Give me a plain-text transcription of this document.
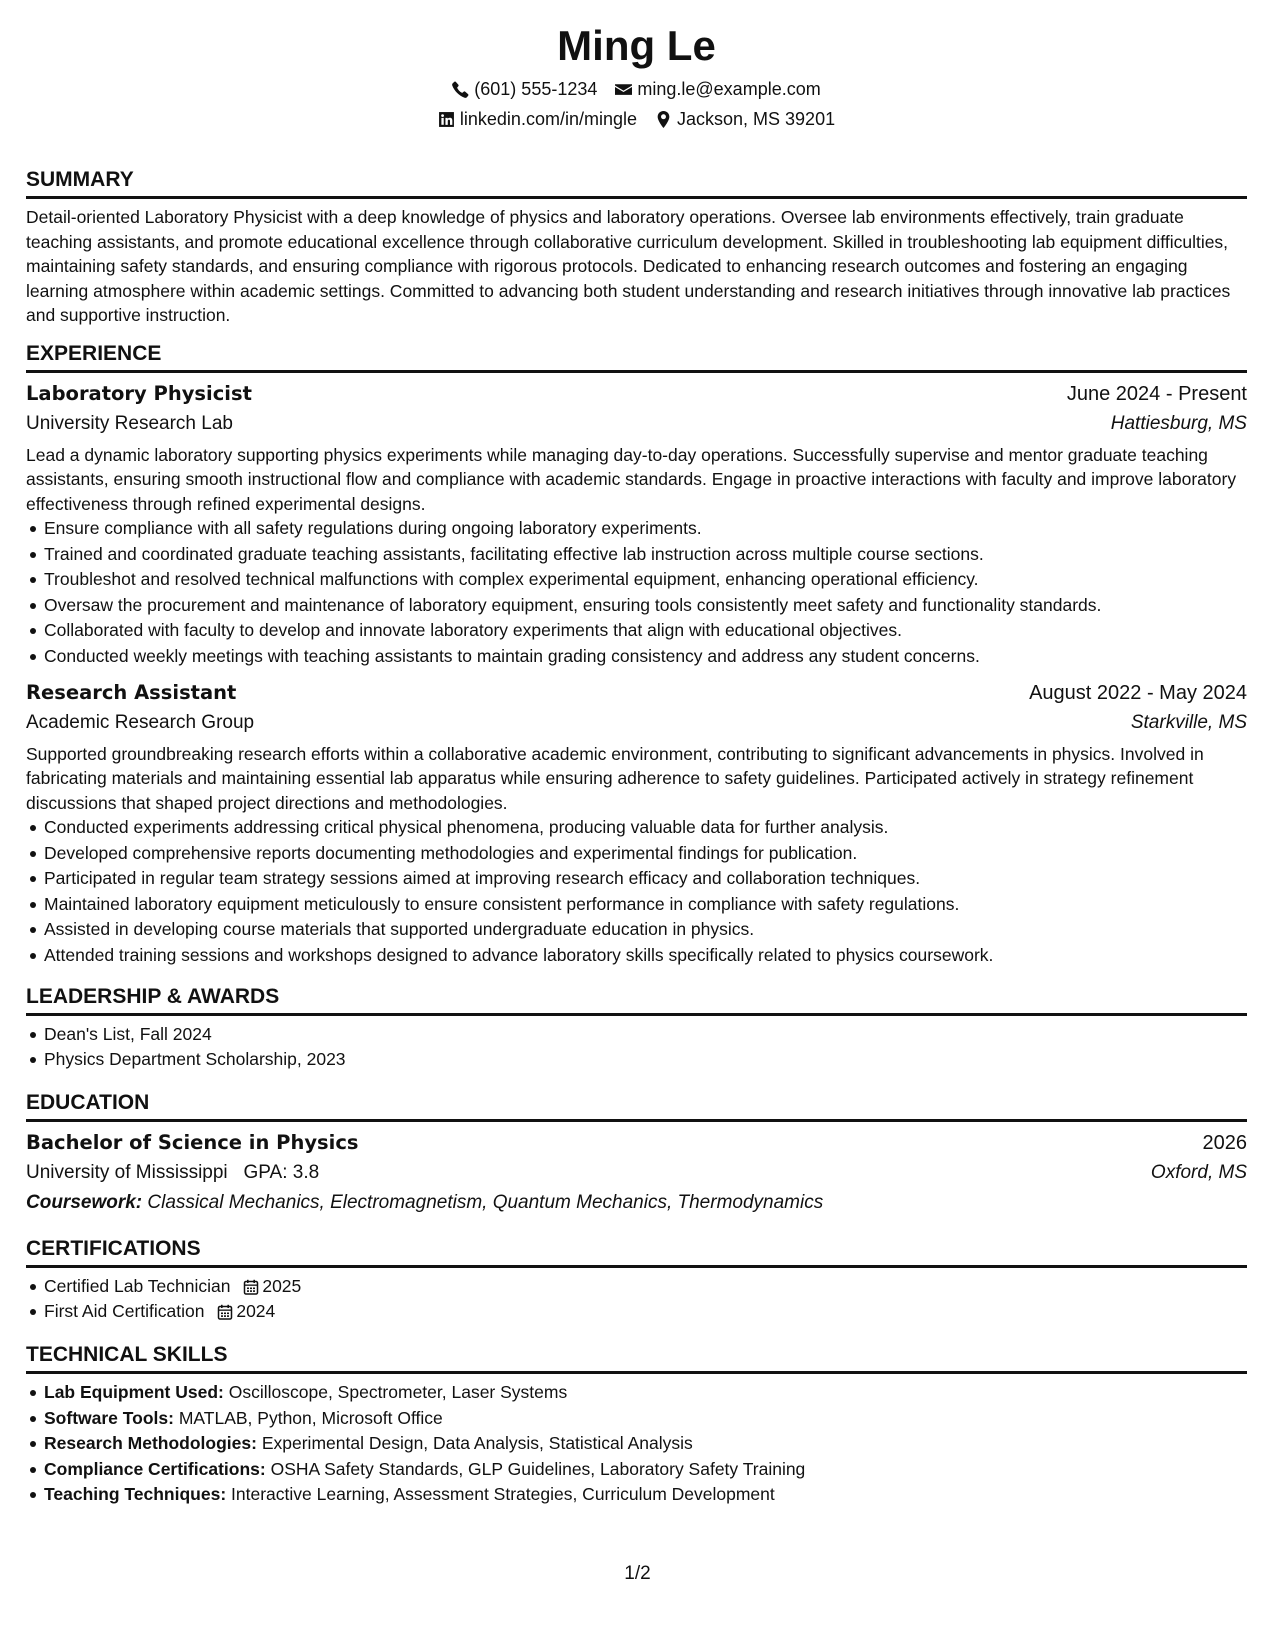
Ming Le
(601) 555-1234 ming.le@example.com
linkedin.com/in/mingle Jackson, MS 39201
SUMMARY

Detail-oriented Laboratory Physicist with a deep knowledge of physics and laboratory operations. Oversee lab environments effectively, train graduate teaching assistants, and promote educational excellence through collaborative curriculum development. Skilled in troubleshooting lab equipment difficulties, maintaining safety standards, and ensuring compliance with rigorous protocols. Dedicated to enhancing research outcomes and fostering an engaging learning atmosphere within academic settings. Committed to advancing both student understanding and research initiatives through innovative lab practices and supportive instruction.

EXPERIENCE
Laboratory Physicist	June 2024 - Present
University Research Lab	Hattiesburg, MS

Lead a dynamic laboratory supporting physics experiments while managing day-to-day operations. Successfully supervise and mentor graduate teaching assistants, ensuring smooth instructional flow and compliance with academic standards. Engage in proactive interactions with faculty and improve laboratory effectiveness through refined experimental designs.

Ensure compliance with all safety regulations during ongoing laboratory experiments.
Trained and coordinated graduate teaching assistants, facilitating effective lab instruction across multiple course sections.
Troubleshot and resolved technical malfunctions with complex experimental equipment, enhancing operational efficiency.
Oversaw the procurement and maintenance of laboratory equipment, ensuring tools consistently meet safety and functionality standards.
Collaborated with faculty to develop and innovate laboratory experiments that align with educational objectives.
Conducted weekly meetings with teaching assistants to maintain grading consistency and address any student concerns.
Research Assistant	August 2022 - May 2024
Academic Research Group	Starkville, MS

Supported groundbreaking research efforts within a collaborative academic environment, contributing to significant advancements in physics. Involved in fabricating materials and maintaining essential lab apparatus while ensuring adherence to safety guidelines. Participated actively in strategy refinement discussions that shaped project directions and methodologies.

Conducted experiments addressing critical physical phenomena, producing valuable data for further analysis.
Developed comprehensive reports documenting methodologies and experimental findings for publication.
Participated in regular team strategy sessions aimed at improving research efficacy and collaboration techniques.
Maintained laboratory equipment meticulously to ensure consistent performance in compliance with safety regulations.
Assisted in developing course materials that supported undergraduate education in physics.
Attended training sessions and workshops designed to advance laboratory skills specifically related to physics coursework.
LEADERSHIP & AWARDS
Dean's List, Fall 2024
Physics Department Scholarship, 2023
EDUCATION
Bachelor of Science in Physics	2026
University of Mississippi GPA: 3.8	Oxford, MS
Coursework: Classical Mechanics, Electromagnetism, Quantum Mechanics, Thermodynamics
CERTIFICATIONS
Certified Lab Technician 2025
First Aid Certification 2024
TECHNICAL SKILLS
Lab Equipment Used: Oscilloscope, Spectrometer, Laser Systems
Software Tools: MATLAB, Python, Microsoft Office
Research Methodologies: Experimental Design, Data Analysis, Statistical Analysis
Compliance Certifications: OSHA Safety Standards, GLP Guidelines, Laboratory Safety Training
Teaching Techniques: Interactive Learning, Assessment Strategies, Curriculum Development
1/2
